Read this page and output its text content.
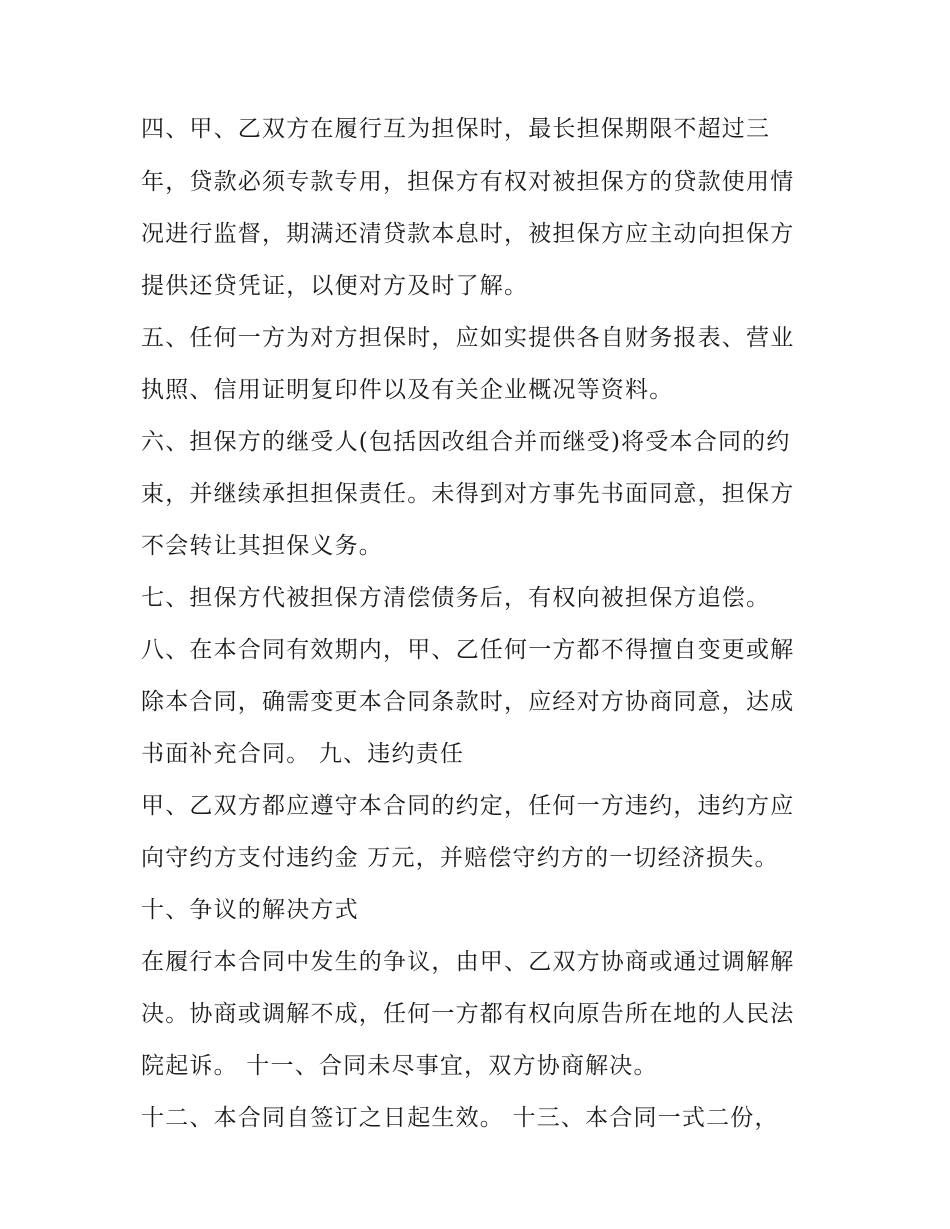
四、甲、乙双方在履行互为担保时，最长担保期限不超过三
年，贷款必须专款专用，担保方有权对被担保方的贷款使用情
况进行监督，期满还清贷款本息时，被担保方应主动向担保方
提供还贷凭证，以便对方及时了解。
五、任何一方为对方担保时，应如实提供各自财务报表、营业
执照、信用证明复印件以及有关企业概况等资料。
六、担保方的继受人(包括因改组合并而继受)将受本合同的约
束，并继续承担担保责任。未得到对方事先书面同意，担保方
不会转让其担保义务。
七、担保方代被担保方清偿债务后，有权向被担保方追偿。
八、在本合同有效期内，甲、乙任何一方都不得擅自变更或解
除本合同，确需变更本合同条款时，应经对方协商同意，达成
书面补充合同。 九、违约责任
甲、乙双方都应遵守本合同的约定，任何一方违约，违约方应
向守约方支付违约金 万元，并赔偿守约方的一切经济损失。
十、争议的解决方式
在履行本合同中发生的争议，由甲、乙双方协商或通过调解解
决。协商或调解不成，任何一方都有权向原告所在地的人民法
院起诉。 十一、合同未尽事宜，双方协商解决。
十二、本合同自签订之日起生效。 十三、本合同一式二份，
